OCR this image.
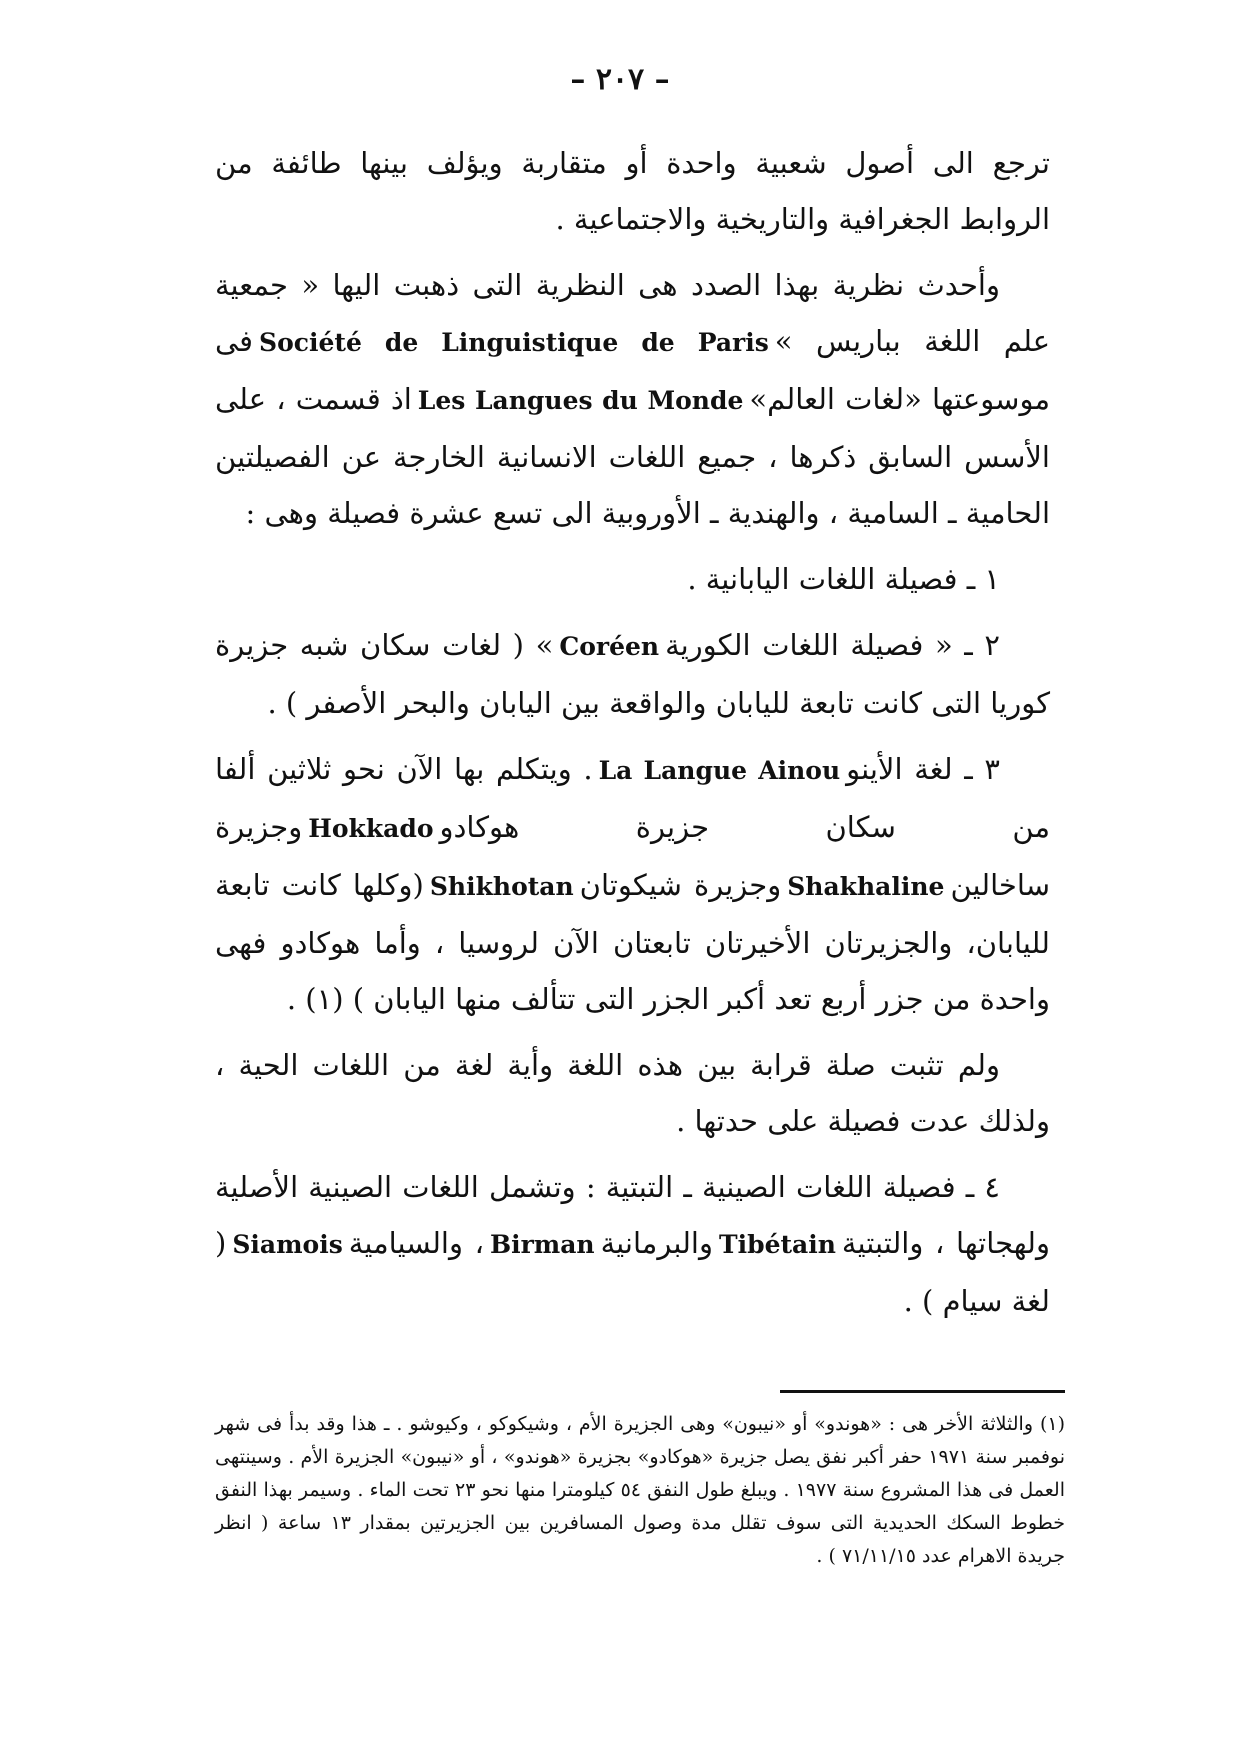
– ٢٠٧ –

ترجع الى أصول شعبية واحدة أو متقاربة ويؤلف بينها طائفة من الروابط الجغرافية والتاريخية والاجتماعية .

وأحدث نظرية بهذا الصدد هى النظرية التى ذهبت اليها « جمعية علم اللغة بباريس »Société de Linguistique de Parisفى موسوعتها «لغات العالم»Les Langues du Mondeاذ قسمت ، على الأسس السابق ذكرها ، جميع اللغات الانسانية الخارجة عن الفصيلتين الحامية ـ السامية ، والهندية ـ الأوروبية الى تسع عشرة فصيلة وهى :

١ ـ فصيلة اللغات اليابانية .

٢ ـ « فصيلة اللغات الكوريةCoréen» ( لغات سكان شبه جزيرة كوريا التى كانت تابعة لليابان والواقعة بين اليابان والبحر الأصفر ) .

٣ ـ لغة الأينوLa Langue Ainou. ويتكلم بها الآن نحو ثلاثين ألفا من سكان جزيرة هوكادوHokkadoوجزيرة ساخالينShakhalineوجزيرة شيكوتانShikhotan(وكلها كانت تابعة لليابان، والجزيرتان الأخيرتان تابعتان الآن لروسيا ، وأما هوكادو فهى واحدة من جزر أربع تعد أكبر الجزر التى تتألف منها اليابان ) (١) .

ولم تثبت صلة قرابة بين هذه اللغة وأية لغة من اللغات الحية ، ولذلك عدت فصيلة على حدتها .

٤ ـ فصيلة اللغات الصينية ـ التبتية : وتشمل اللغات الصينية الأصلية ولهجاتها ، والتبتيةTibétainوالبرمانيةBirman، والسياميةSiamois( لغة سيام ) .

(١) والثلاثة الأخر هى : «هوندو» أو «نيبون» وهى الجزيرة الأم ، وشيكوكو ، وكيوشو . ـ هذا وقد بدأ فى شهر نوفمبر سنة ١٩٧١ حفر أكبر نفق يصل جزيرة «هوكادو» بجزيرة «هوندو» ، أو «نيبون» الجزيرة الأم . وسينتهى العمل فى هذا المشروع سنة ١٩٧٧ . ويبلغ طول النفق ٥٤ كيلومترا منها نحو ٢٣ تحت الماء . وسيمر بهذا النفق خطوط السكك الحديدية التى سوف تقلل مدة وصول المسافرين بين الجزيرتين بمقدار ١٣ ساعة ( انظر جريدة الاهرام عدد ٧١/١١/١٥ ) .
